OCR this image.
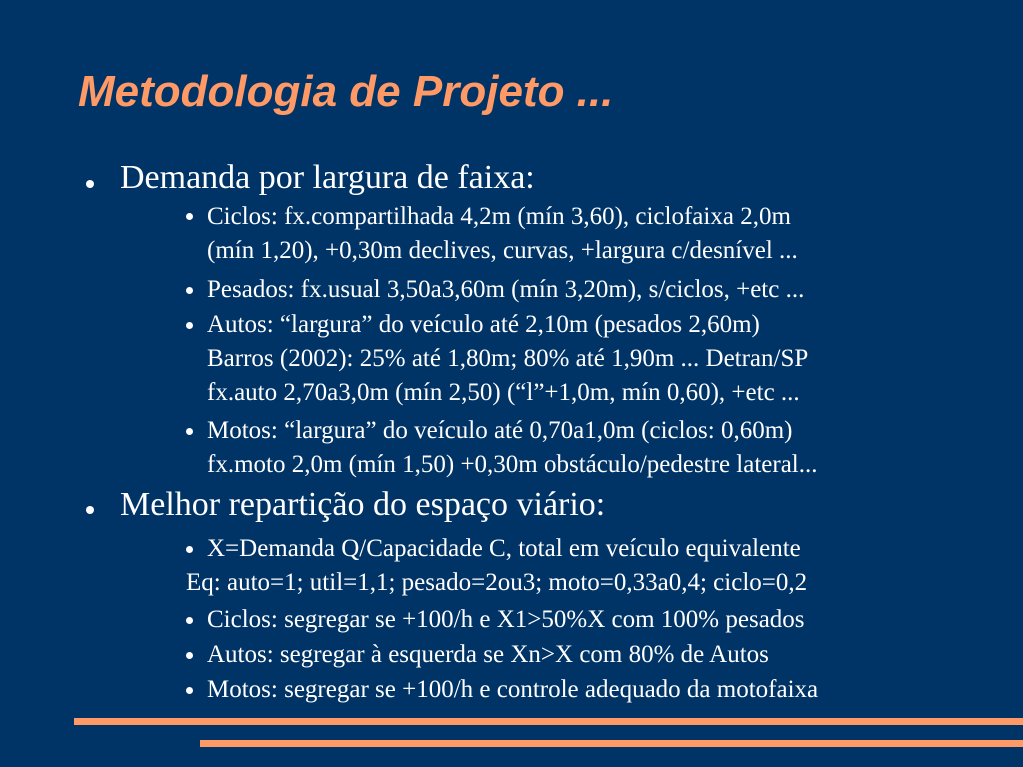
Metodologia de Projeto ...
Demanda por largura de faixa:
Ciclos: fx.compartilhada 4,2m (mín 3,60), ciclofaixa 2,0m
(mín 1,20), +0,30m declives, curvas, +largura c/desnível ...
Pesados: fx.usual 3,50a3,60m (mín 3,20m), s/ciclos, +etc ...
Autos: “largura” do veículo até 2,10m (pesados 2,60m)
Barros (2002): 25% até 1,80m; 80% até 1,90m ... Detran/SP
fx.auto 2,70a3,0m (mín 2,50) (“l”+1,0m, mín 0,60), +etc ...
Motos: “largura” do veículo até 0,70a1,0m (ciclos: 0,60m)
fx.moto 2,0m (mín 1,50) +0,30m obstáculo/pedestre lateral...
Melhor repartição do espaço viário:
X=Demanda Q/Capacidade C, total em veículo equivalente
Eq: auto=1; util=1,1; pesado=2ou3; moto=0,33a0,4; ciclo=0,2
Ciclos: segregar se +100/h e X1>50%X com 100% pesados
Autos: segregar à esquerda se Xn>X com 80% de Autos
Motos: segregar se +100/h e controle adequado da motofaixa
